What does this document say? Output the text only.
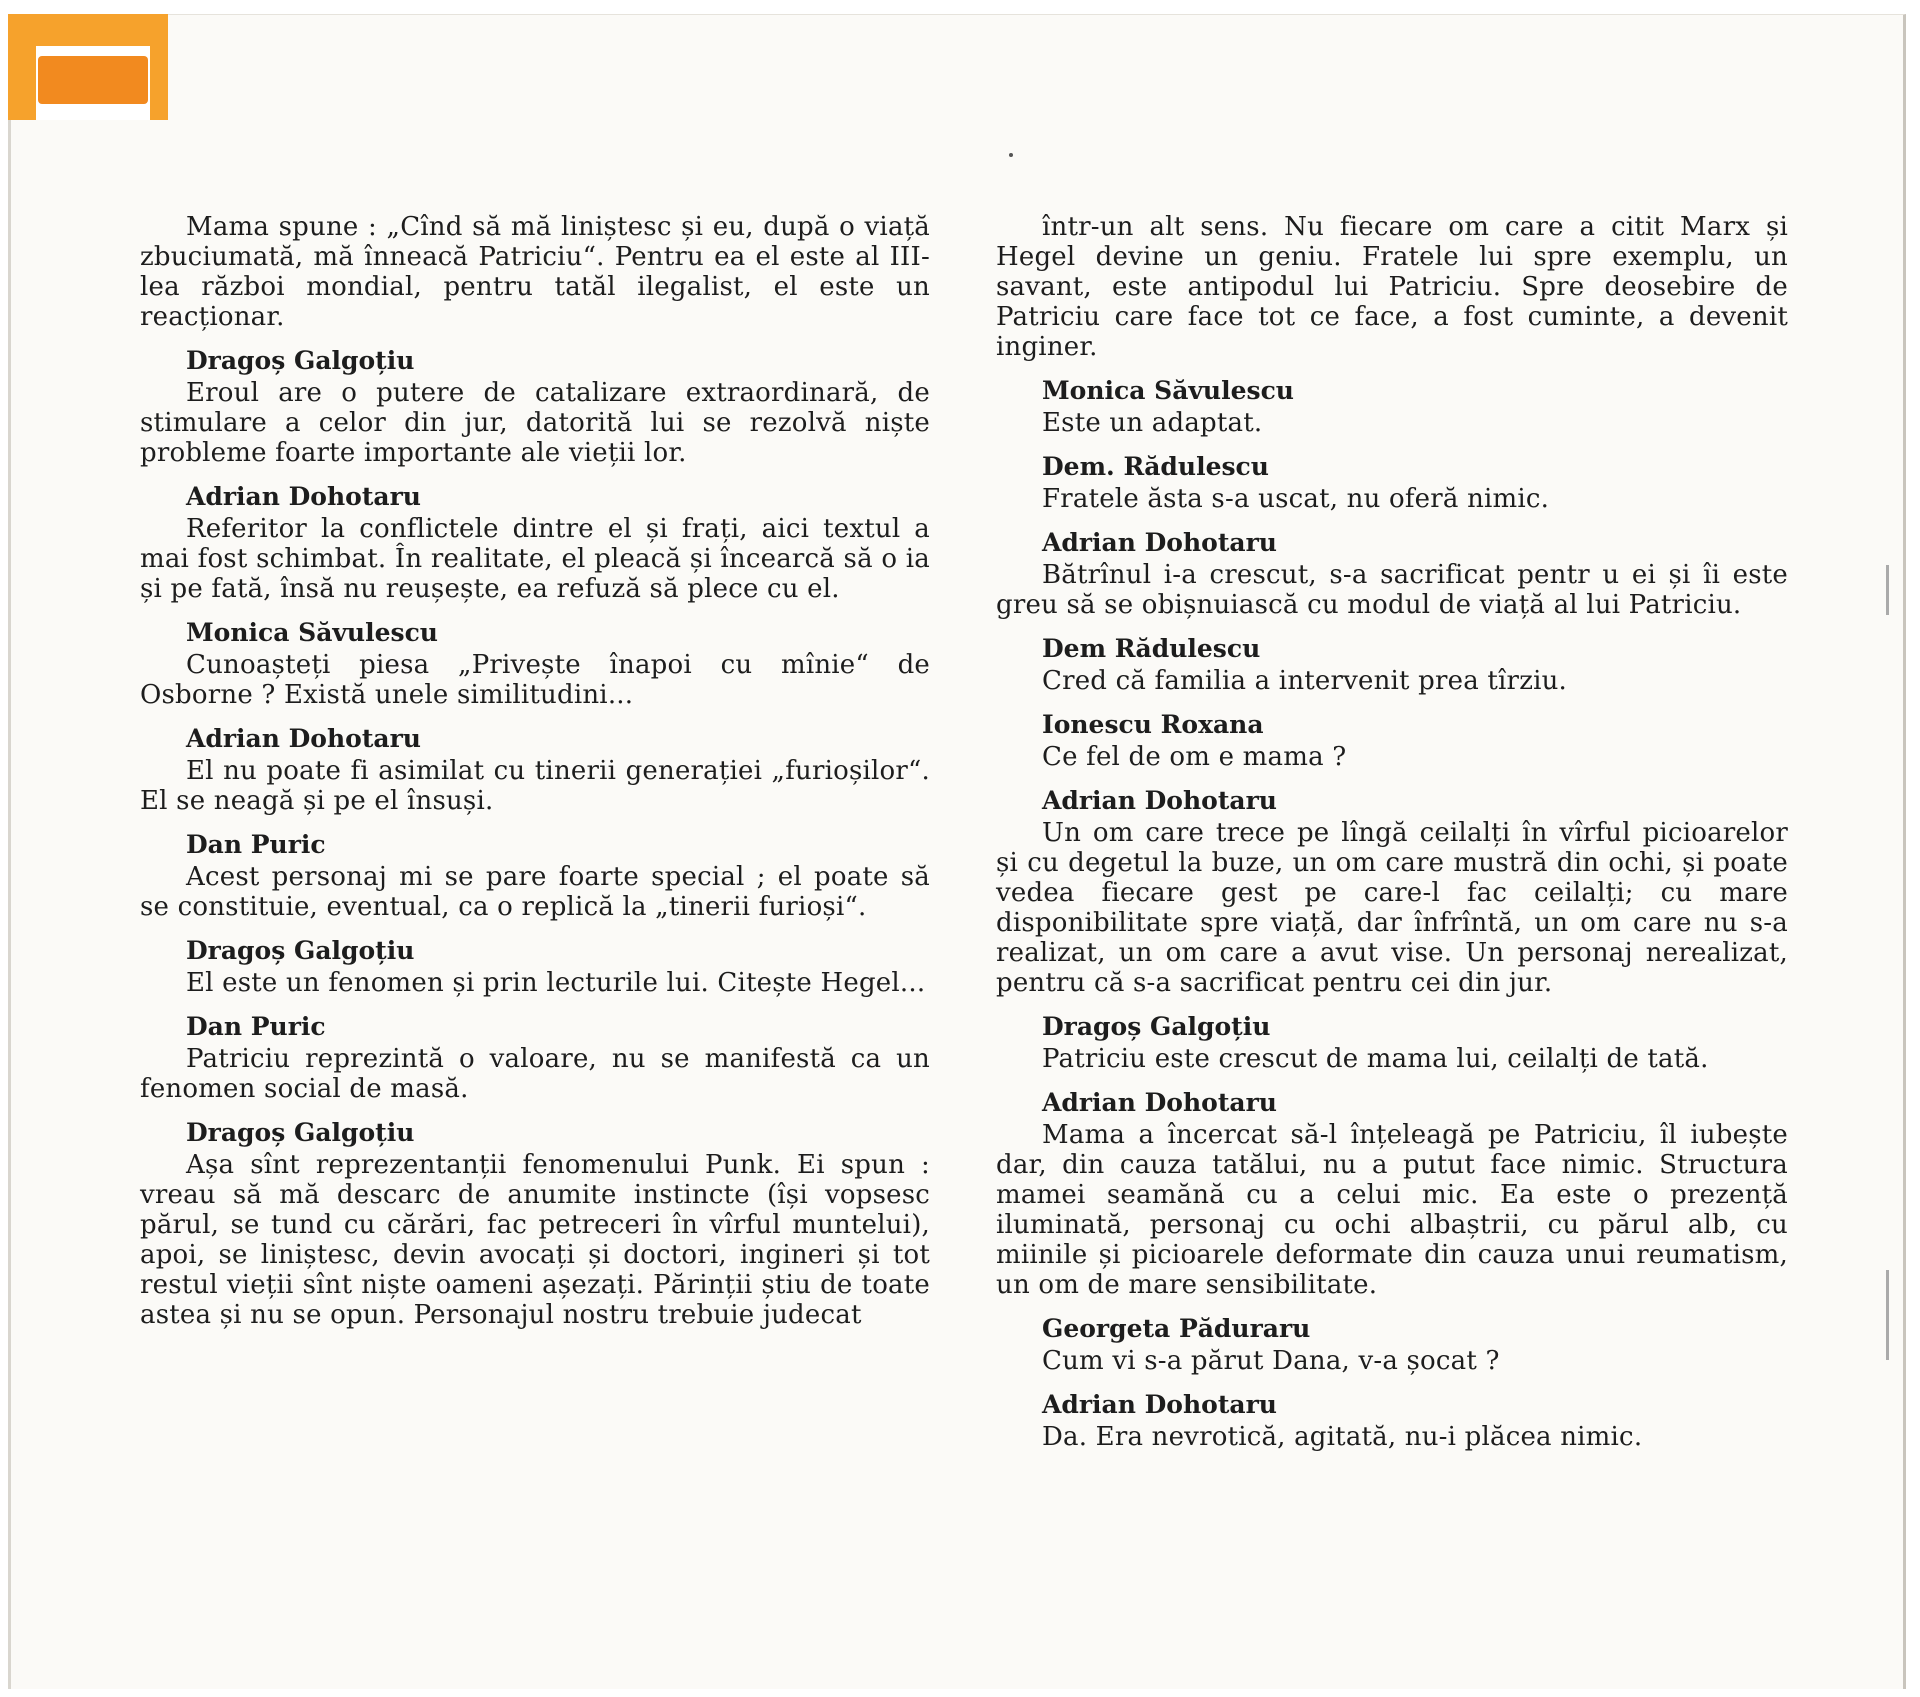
Mama spune : „Cînd să mă liniștesc și eu, după o viață zbuciumată, mă înneacă Patriciu“. Pentru ea el este al III-lea război mondial, pentru tatăl ilegalist, el este un reacționar.
Dragoș Galgoțiu
Eroul are o putere de catalizare extraordinară, de stimulare a celor din jur, datorită lui se rezolvă niște probleme foarte importante ale vieții lor.
Adrian Dohotaru
Referitor la conflictele dintre el și frați, aici textul a mai fost schimbat. În realitate, el pleacă și încearcă să o ia și pe fată, însă nu reușește, ea refuză să plece cu el.
Monica Săvulescu
Cunoașteți piesa „Privește înapoi cu mînie“ de Osborne ? Există unele similitudini...
Adrian Dohotaru
El nu poate fi asimilat cu tinerii generației „furioșilor“. El se neagă și pe el însuși.
Dan Puric
Acest personaj mi se pare foarte special ; el poate să se constituie, eventual, ca o replică la „tinerii furioși“.
Dragoș Galgoțiu
El este un fenomen și prin lecturile lui. Citește Hegel...
Dan Puric
Patriciu reprezintă o valoare, nu se manifestă ca un fenomen social de masă.
Dragoș Galgoțiu
Așa sînt reprezentanții fenomenului Punk. Ei spun : vreau să mă descarc de anumite instincte (își vopsesc părul, se tund cu cărări, fac petreceri în vîrful muntelui), apoi, se liniștesc, devin avocați și doctori, ingineri și tot restul vieții sînt niște oameni așezați. Părinții știu de toate astea și nu se opun. Personajul nostru trebuie judecat
într-un alt sens. Nu fiecare om care a citit Marx și Hegel devine un geniu. Fratele lui spre exemplu, un savant, este antipodul lui Patriciu. Spre deosebire de Patriciu care face tot ce face, a fost cuminte, a devenit inginer.
Monica Săvulescu
Este un adaptat.
Dem. Rădulescu
Fratele ăsta s-a uscat, nu oferă nimic.
Adrian Dohotaru
Bătrînul i-a crescut, s-a sacrificat pentr u ei și îi este greu să se obișnuiască cu modul de viață al lui Patriciu.
Dem Rădulescu
Cred că familia a intervenit prea tîrziu.
Ionescu Roxana
Ce fel de om e mama ?
Adrian Dohotaru
Un om care trece pe lîngă ceilalți în vîrful picioarelor și cu degetul la buze, un om care mustră din ochi, și poate vedea fiecare gest pe care-l fac ceilalți; cu mare disponibilitate spre viață, dar înfrîntă, un om care nu s-a realizat, un om care a avut vise. Un personaj nerealizat, pentru că s-a sacrificat pentru cei din jur.
Dragoș Galgoțiu
Patriciu este crescut de mama lui, ceilalți de tată.
Adrian Dohotaru
Mama a încercat să-l înțeleagă pe Patriciu, îl iubește dar, din cauza tatălui, nu a putut face nimic. Structura mamei seamănă cu a celui mic. Ea este o prezență iluminată, personaj cu ochi albaștrii, cu părul alb, cu miinile și picioarele deformate din cauza unui reumatism, un om de mare sensibilitate.
Georgeta Păduraru
Cum vi s-a părut Dana, v-a șocat ?
Adrian Dohotaru
Da. Era nevrotică, agitată, nu-i plăcea nimic.
